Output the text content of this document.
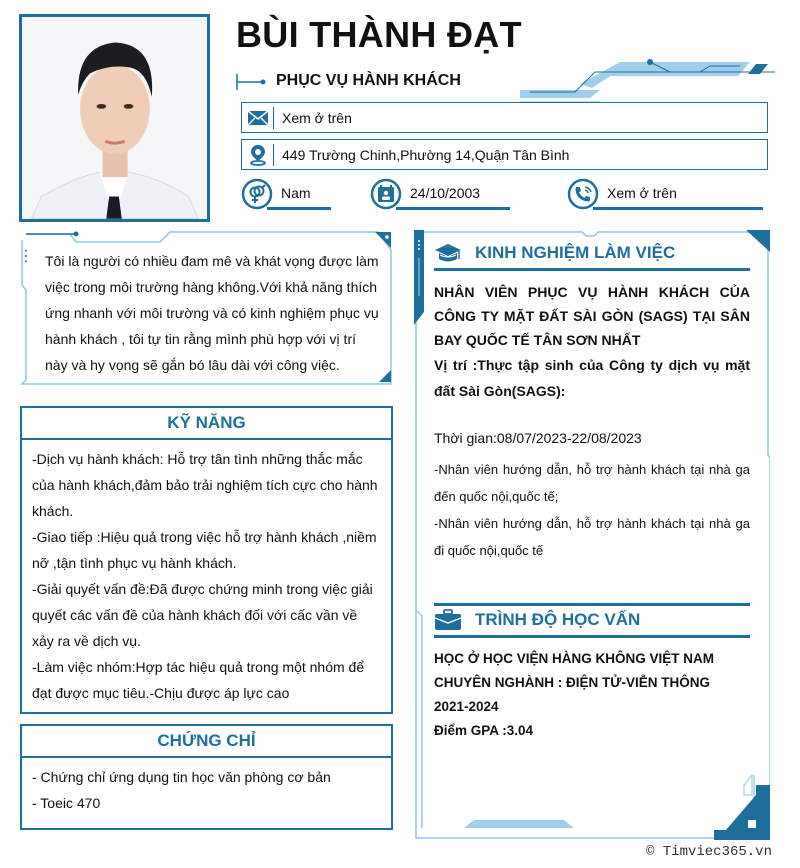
BÙI THÀNH ĐẠT
PHỤC VỤ HÀNH KHÁCH
Xem ở trên
449 Trường Chinh,Phường 14,Quận Tân Bình
Nam	24/10/2003	Xem ở trên
Tôi là người có nhiều đam mê và khát vọng được làm việc trong môi trường hàng không.Với khả năng thích ứng nhanh với môi trường và có kinh nghiệm phục vụ hành khách , tôi tự tin rằng mình phù hợp với vị trí này và hy vọng sẽ gắn bó lâu dài với công việc.
KỸ NĂNG
-Dịch vụ hành khách: Hỗ trợ tân tình những thắc mắc của hành khách,đảm bảo trải nghiệm tích cực cho hành khách.
-Giao tiếp :Hiệu quả trong việc hỗ trợ hành khách ,niềm nỡ ,tận tình phục vụ hành khách.
-Giải quyết vấn đề:Đã được chứng minh trong việc giải quyết các vấn đề của hành khách đối với cấc vần về xảy ra về dịch vụ.
-Làm việc nhóm:Hợp tác hiệu quả trong một nhóm để đạt được mục tiêu.-Chịu được áp lực cao
CHỨNG CHỈ
- Chứng chỉ ứng dụng tin học văn phòng cơ bản
- Toeic 470
KINH NGHIỆM LÀM VIỆC
NHÂN VIÊN PHỤC VỤ HÀNH KHÁCH CỦA CÔNG TY MẶT ĐẤT SÀI GÒN (SAGS) TẠI SÂN BAY QUỐC TẾ TÂN SƠN NHẤT
Vị trí :Thực tập sinh của Công ty dịch vụ mặt đất Sài Gòn(SAGS):
Thời gian:08/07/2023-22/08/2023
-Nhân viên hướng dẫn, hỗ trợ hành khách tại nhà ga đến quốc nội,quốc tế;
-Nhân viên hướng dẫn, hỗ trợ hành khách tại nhà ga đi quốc nội,quốc tế
TRÌNH ĐỘ HỌC VẤN
HỌC Ở HỌC VIỆN HÀNG KHÔNG VIỆT NAM
CHUYÊN NGHÀNH : ĐIỆN TỬ-VIỄN THÔNG
2021-2024
Điểm GPA :3.04
© Timviec365.vn
